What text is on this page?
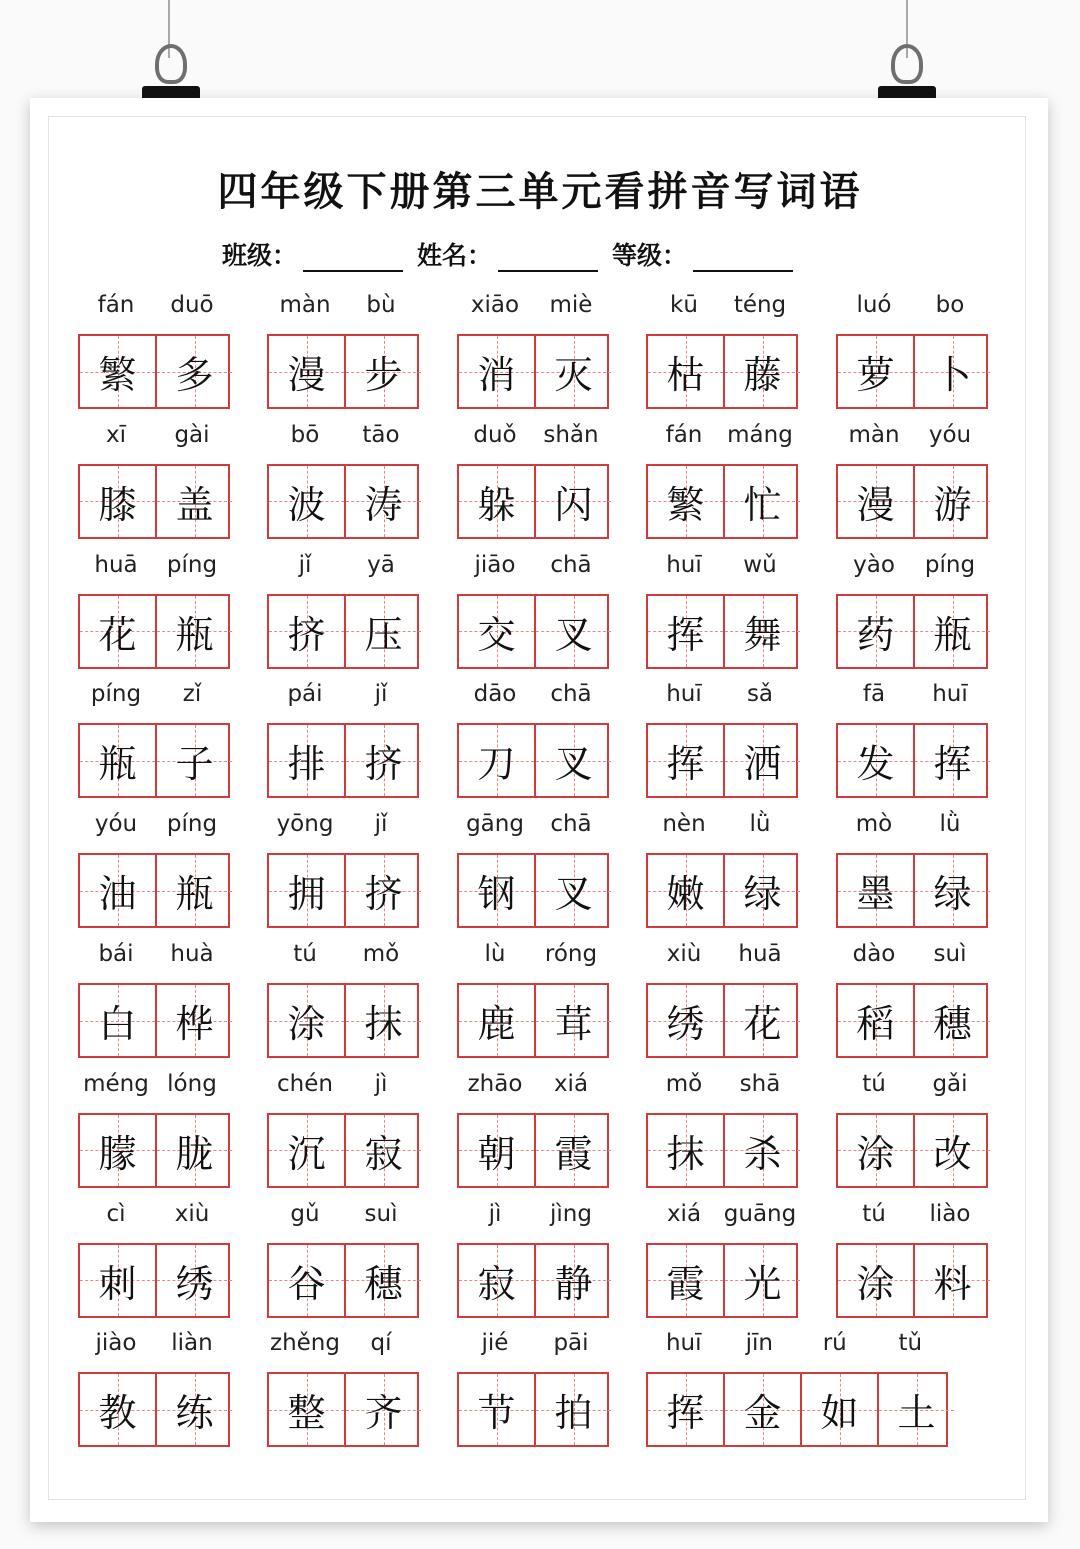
四年级下册第三单元看拼音写词语
班级：	姓名：	等级：
fán	duō
繁 多
màn	bù
漫 步
xiāo	miè
消 灭
kū	téng
枯 藤
luó	bo
萝 卜
xī	gài
膝 盖
bō	tāo
波 涛
duǒ	shǎn
躲 闪
fán	máng
繁 忙
màn	yóu
漫 游
huā	píng
花 瓶
jǐ	yā
挤 压
jiāo	chā
交 叉
huī	wǔ
挥 舞
yào	píng
药 瓶
píng	zǐ
瓶 子
pái	jǐ
排 挤
dāo	chā
刀 叉
huī	sǎ
挥 洒
fā	huī
发 挥
yóu	píng
油 瓶
yōng	jǐ
拥 挤
gāng	chā
钢 叉
nèn	lǜ
嫩 绿
mò	lǜ
墨 绿
bái	huà
白 桦
tú	mǒ
涂 抹
lù	róng
鹿 茸
xiù	huā
绣 花
dào	suì
稻 穗
méng lóng
朦 胧
chén	jì
沉 寂
zhāo	xiá
朝 霞
mǒ	shā
抹 杀
tú	gǎi
涂 改
cì	xiù
刺 绣
gǔ	suì
谷 穗
jì	jìng
寂 静
xiá guāng
霞 光
tú	liào
涂 料
jiào	liàn
教 练
zhěng	qí
整 齐
jié	pāi
节 拍
huī	jīn	rú	tǔ
挥 金 如 土
